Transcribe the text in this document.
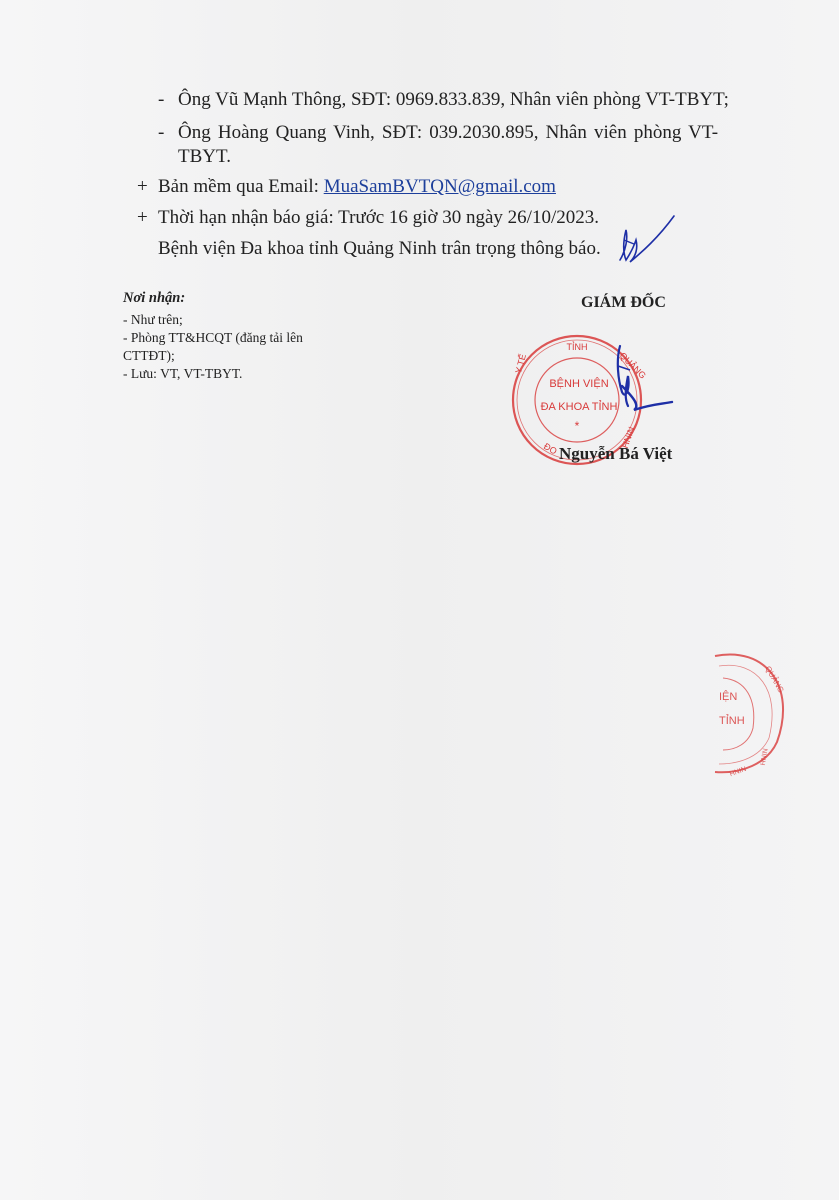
- Ông Vũ Mạnh Thông, SĐT: 0969.833.839, Nhân viên phòng VT-TBYT;
- Ông Hoàng Quang Vinh, SĐT: 039.2030.895, Nhân viên phòng VT-
TBYT.
+ Bản mềm qua Email: MuaSamBVTQN@gmail.com
+ Thời hạn nhận báo giá: Trước 16 giờ 30 ngày 26/10/2023.
Bệnh viện Đa khoa tỉnh Quảng Ninh trân trọng thông báo.
Nơi nhận:
- Như trên;
- Phòng TT&HCQT (đăng tải lên
CTTĐT);
- Lưu: VT, VT-TBYT.
GIÁM ĐỐC
TỈNH
QUẢNG
NINH
ĐO
Y TẾ
BỆNH VIỆN
ĐA KHOA TỈNH
*
Nguyễn Bá Việt
IỆN
TỈNH
QUẢNG
NINH
NINH
